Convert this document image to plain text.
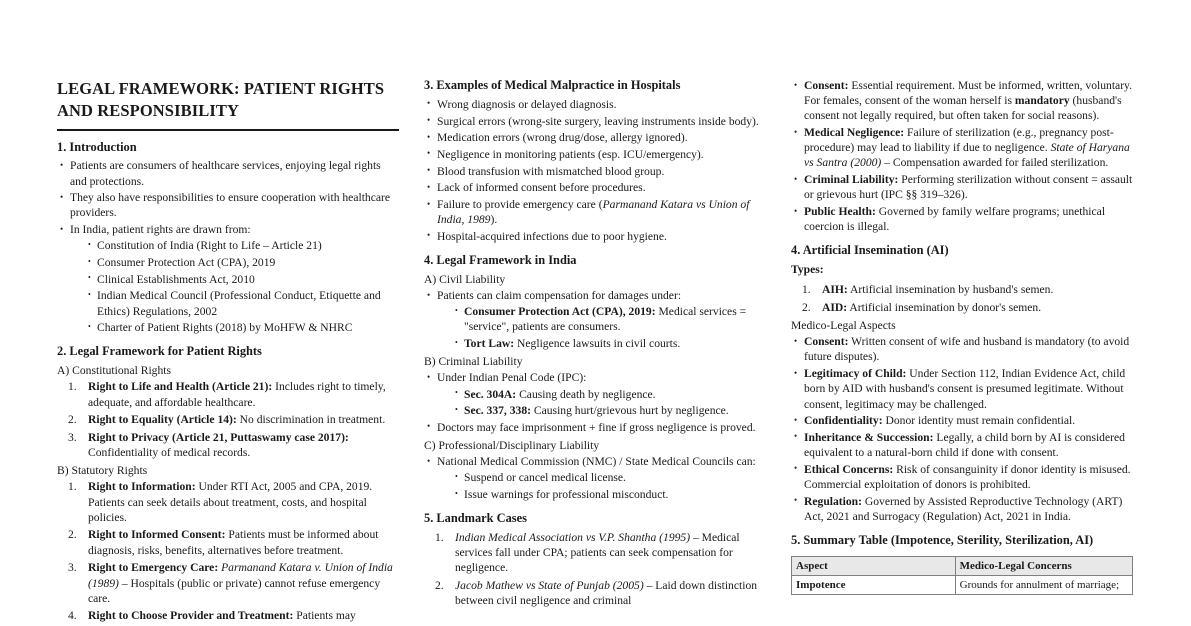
LEGAL FRAMEWORK: PATIENT RIGHTS AND RESPONSIBILITY
1. Introduction
• Patients are consumers of healthcare services, enjoying legal rights and protections.
• They also have responsibilities to ensure cooperation with healthcare providers.
• In India, patient rights are drawn from:
• Constitution of India (Right to Life – Article 21)
• Consumer Protection Act (CPA), 2019
• Clinical Establishments Act, 2010
• Indian Medical Council (Professional Conduct, Etiquette and Ethics) Regulations, 2002
• Charter of Patient Rights (2018) by MoHFW & NHRC
2. Legal Framework for Patient Rights
A) Constitutional Rights
Right to Life and Health (Article 21): Includes right to timely, adequate, and affordable healthcare.
Right to Equality (Article 14): No discrimination in treatment.
Right to Privacy (Article 21, Puttaswamy case 2017): Confidentiality of medical records.
B) Statutory Rights
Right to Information: Under RTI Act, 2005 and CPA, 2019. Patients can seek details about treatment, costs, and hospital policies.
Right to Informed Consent: Patients must be informed about diagnosis, risks, benefits, alternatives before treatment.
Right to Emergency Care: Parmanand Katara v. Union of India (1989) – Hospitals (public or private) cannot refuse emergency care.
Right to Choose Provider and Treatment: Patients may
3. Examples of Medical Malpractice in Hospitals
• Wrong diagnosis or delayed diagnosis.
• Surgical errors (wrong-site surgery, leaving instruments inside body).
• Medication errors (wrong drug/dose, allergy ignored).
• Negligence in monitoring patients (esp. ICU/emergency).
• Blood transfusion with mismatched blood group.
• Lack of informed consent before procedures.
• Failure to provide emergency care (Parmanand Katara vs Union of India, 1989).
• Hospital-acquired infections due to poor hygiene.
4. Legal Framework in India
A) Civil Liability
• Patients can claim compensation for damages under:
• Consumer Protection Act (CPA), 2019: Medical services = "service", patients are consumers.
• Tort Law: Negligence lawsuits in civil courts.
B) Criminal Liability
• Under Indian Penal Code (IPC):
• Sec. 304A: Causing death by negligence.
• Sec. 337, 338: Causing hurt/grievous hurt by negligence.
• Doctors may face imprisonment + fine if gross negligence is proved.
C) Professional/Disciplinary Liability
• National Medical Commission (NMC) / State Medical Councils can:
• Suspend or cancel medical license.
• Issue warnings for professional misconduct.
5. Landmark Cases
Indian Medical Association vs V.P. Shantha (1995) – Medical services fall under CPA; patients can seek compensation for negligence.
Jacob Mathew vs State of Punjab (2005) – Laid down distinction between civil negligence and criminal
• Consent: Essential requirement. Must be informed, written, voluntary. For females, consent of the woman herself is mandatory (husband's consent not legally required, but often taken for social reasons).
• Medical Negligence: Failure of sterilization (e.g., pregnancy post-procedure) may lead to liability if due to negligence. State of Haryana vs Santra (2000) – Compensation awarded for failed sterilization.
• Criminal Liability: Performing sterilization without consent = assault or grievous hurt (IPC §§ 319–326).
• Public Health: Governed by family welfare programs; unethical coercion is illegal.
4. Artificial Insemination (AI)
Types:
AIH: Artificial insemination by husband's semen.
AID: Artificial insemination by donor's semen.
Medico-Legal Aspects
• Consent: Written consent of wife and husband is mandatory (to avoid future disputes).
• Legitimacy of Child: Under Section 112, Indian Evidence Act, child born by AID with husband's consent is presumed legitimate. Without consent, legitimacy may be challenged.
• Confidentiality: Donor identity must remain confidential.
• Inheritance & Succession: Legally, a child born by AI is considered equivalent to a natural-born child if done with consent.
• Ethical Concerns: Risk of consanguinity if donor identity is misused. Commercial exploitation of donors is prohibited.
• Regulation: Governed by Assisted Reproductive Technology (ART) Act, 2021 and Surrogacy (Regulation) Act, 2021 in India.
5. Summary Table (Impotence, Sterility, Sterilization, AI)
Aspect	Medico-Legal Concerns
Impotence	Grounds for annulment of marriage;
